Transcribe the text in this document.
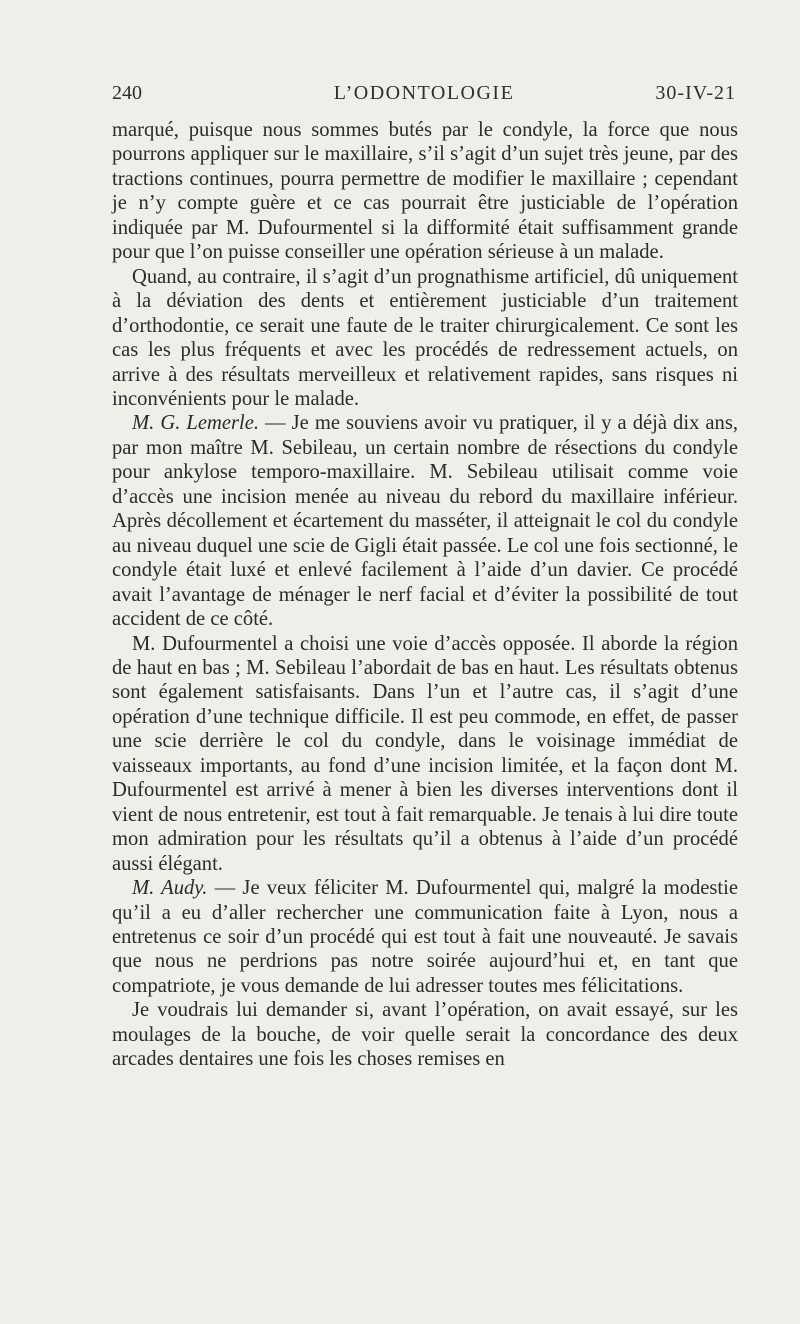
240	L’ODONTOLOGIE	30-IV-21

marqué, puisque nous sommes butés par le condyle, la force que nous pourrons appliquer sur le maxillaire, s’il s’agit d’un sujet très jeune, par des tractions continues, pourra permettre de modifier le maxillaire ; cependant je n’y compte guère et ce cas pourrait être justiciable de l’opération indiquée par M. Dufourmentel si la difformité était suffisamment grande pour que l’on puisse conseiller une opération sérieuse à un malade.

Quand, au contraire, il s’agit d’un prognathisme artificiel, dû uniquement à la déviation des dents et entièrement justiciable d’un traitement d’orthodontie, ce serait une faute de le traiter chirurgicalement. Ce sont les cas les plus fréquents et avec les procédés de redressement actuels, on arrive à des résultats merveilleux et relativement rapides, sans risques ni inconvénients pour le malade.

M. G. Lemerle. — Je me souviens avoir vu pratiquer, il y a déjà dix ans, par mon maître M. Sebileau, un certain nombre de résections du condyle pour ankylose temporo-maxillaire. M. Sebileau utilisait comme voie d’accès une incision menée au niveau du rebord du maxillaire inférieur. Après décollement et écartement du masséter, il atteignait le col du condyle au niveau duquel une scie de Gigli était passée. Le col une fois sectionné, le condyle était luxé et enlevé facilement à l’aide d’un davier. Ce procédé avait l’avantage de ménager le nerf facial et d’éviter la possibilité de tout accident de ce côté.

M. Dufourmentel a choisi une voie d’accès opposée. Il aborde la région de haut en bas ; M. Sebileau l’abordait de bas en haut. Les résultats obtenus sont également satisfaisants. Dans l’un et l’autre cas, il s’agit d’une opération d’une technique difficile. Il est peu commode, en effet, de passer une scie derrière le col du condyle, dans le voisinage immédiat de vaisseaux importants, au fond d’une incision limitée, et la façon dont M. Dufourmentel est arrivé à mener à bien les diverses interventions dont il vient de nous entretenir, est tout à fait remarquable. Je tenais à lui dire toute mon admiration pour les résultats qu’il a obtenus à l’aide d’un procédé aussi élégant.

M. Audy. — Je veux féliciter M. Dufourmentel qui, malgré la modestie qu’il a eu d’aller rechercher une communication faite à Lyon, nous a entretenus ce soir d’un procédé qui est tout à fait une nouveauté. Je savais que nous ne perdrions pas notre soirée aujourd’hui et, en tant que compatriote, je vous demande de lui adresser toutes mes félicitations.

Je voudrais lui demander si, avant l’opération, on avait essayé, sur les moulages de la bouche, de voir quelle serait la concordance des deux arcades dentaires une fois les choses remises en
